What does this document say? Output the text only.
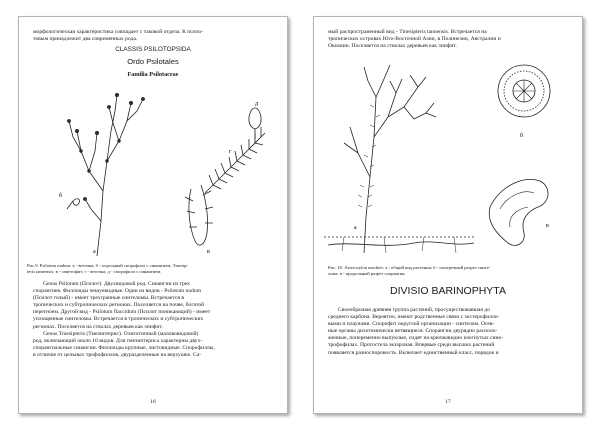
морфологическая характеристика совпадает с таковой отдела. К псило-
товым принадлежит два современных рода.
CLASSIS PSILOTOPSIDA
Ordo Psilotales
Familia Psilotaceae
б
а	в
г
д
Рис.9. Psilotum nudum: а - веточка; б - отдельный спорофилл с синангием; Tmesip-
teris tannensis: в - гаметофит; г - веточка; д - спорофилл с синангием.
Genus Psilotum (Псилот). Двухвидовой род. Синангии из трех
спорангиев. Филлоиды чешуевидные. Один из видов - Psilotum nudum
(Псилот голый) - имеет трехгранные синтеломы. Встречается в
тропических и субтропических регионах. Поселяется на почве, богатой
перегноем. Другой вид - Psilotum flaccidum (Псилот поникающий) - имеет
уплощенные синтеломы. Встречается в тропических и субтропических
регионах. Поселяется на стволах деревьев как эпифит.
Genus Tmesipteris (Тмезиптерис). Олиготипный (малововидовой)
род, включающий около 10 видов. Для тмезиптериса характерны двух-
спорангиальные синангии. Филлоиды крупные, листовидные. Спорофиллы,
в отличие от цельных трофофиллов, двуразделенные на верхушке. Са-
16
мый распространенный вид - Tmesipteris tannensis. Встречается на
тропических островах Юго-Восточной Азии, в Полинезии, Австралии и
Океании. Поселяется на стволах деревьев как эпифит.
а
б
в
Рис. 10. Asteroxylon mackiei: а - общий вид растения; б - поперечный разрез синте-
лома; в - продольный разрез спорангия.
DIVISIO BARINOPHYTA
Своеобразная древняя группа растений, просуществовавшая до
среднего карбона. Вероятно, имеют родственные связи с зостерофилло-
выми и плаунами. Спорофит округлой организации - синтелом. Осев-
ные органы дихотомически ветвящиеся. Спорангии двурядно располо-
женные, попеременно выпуклые, сидят на крючковидно изогнутых сино-
трофофилах. Протостела экзархная. Впервые среди высших растений
появляется разноспоровость. Включает единственный класс, порядок и
17
